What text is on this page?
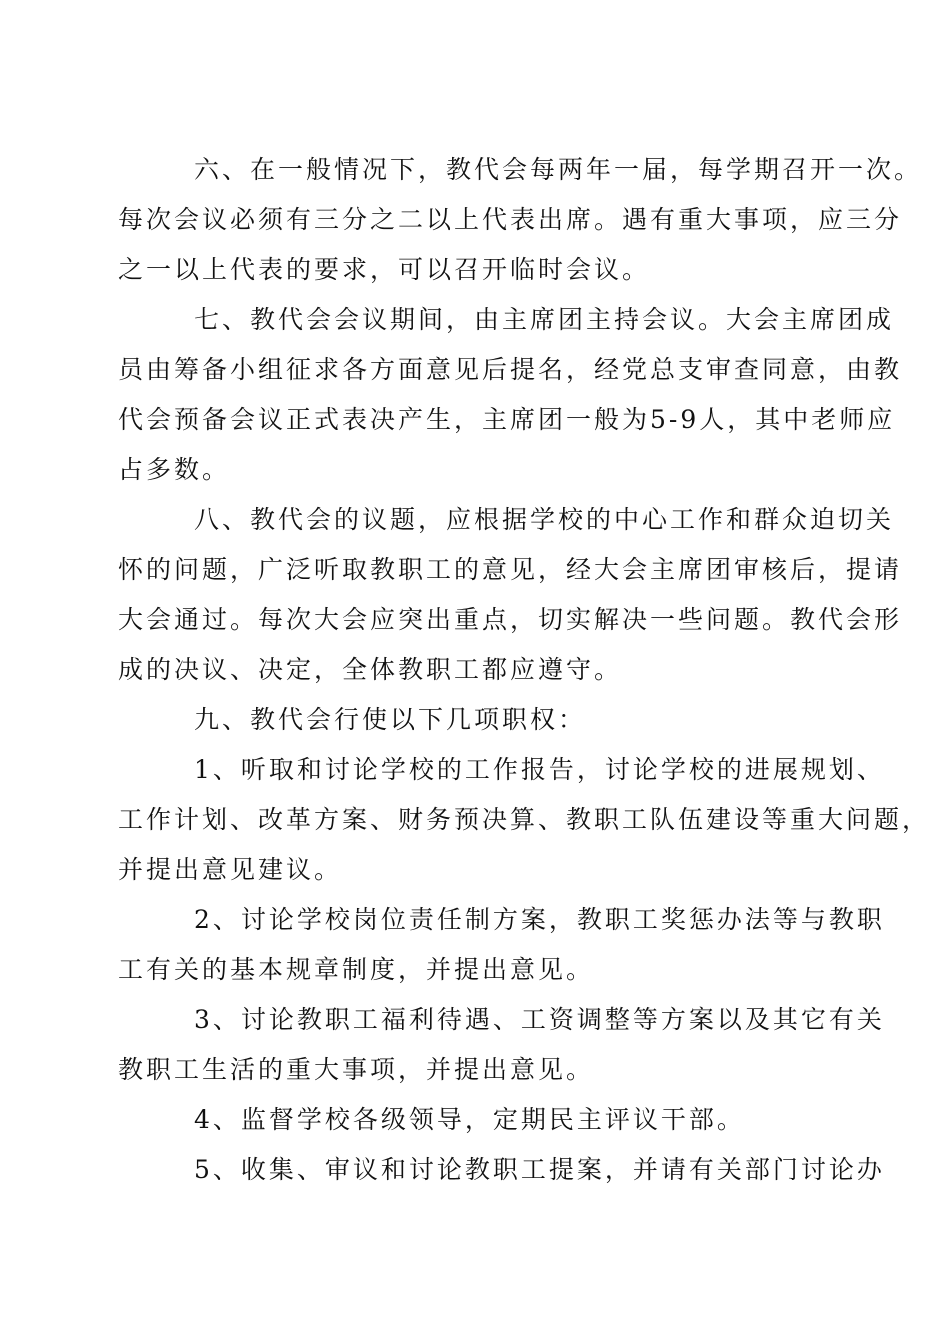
六、在一般情况下，教代会每两年一届，每学期召开一次。
每次会议必须有三分之二以上代表出席。遇有重大事项，应三分
之一以上代表的要求，可以召开临时会议。
七、教代会会议期间，由主席团主持会议。大会主席团成
员由筹备小组征求各方面意见后提名，经党总支审查同意，由教
代会预备会议正式表决产生，主席团一般为5-9人，其中老师应
占多数。
八、教代会的议题，应根据学校的中心工作和群众迫切关
怀的问题，广泛听取教职工的意见，经大会主席团审核后，提请
大会通过。每次大会应突出重点，切实解决一些问题。教代会形
成的决议、决定，全体教职工都应遵守。
九、教代会行使以下几项职权：
1、听取和讨论学校的工作报告，讨论学校的进展规划、
工作计划、改革方案、财务预决算、教职工队伍建设等重大问题，
并提出意见建议。
2、讨论学校岗位责任制方案，教职工奖惩办法等与教职
工有关的基本规章制度，并提出意见。
3、讨论教职工福利待遇、工资调整等方案以及其它有关
教职工生活的重大事项，并提出意见。
4、监督学校各级领导，定期民主评议干部。
5、收集、审议和讨论教职工提案，并请有关部门讨论办
